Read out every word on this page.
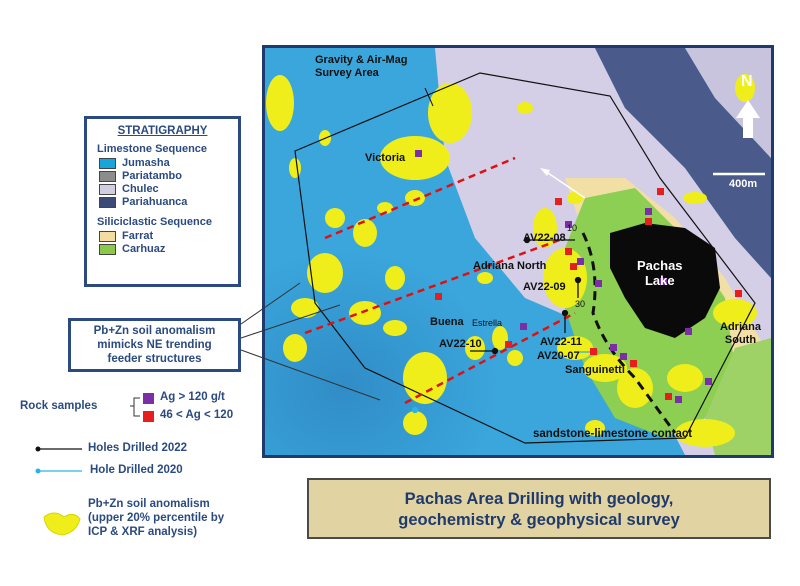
Gravity & Air-Mag
Survey Area
Victoria
AV22-08
Adriana North
AV22-09
Pachas
Lake
Buena Estrella
AV22-10	AV22-11
AV20-07
Sanguinetti
Adriana
South
sandstone-limestone contact
10
30
N
400m
STRATIGRAPHY
Limestone Sequence
Jumasha
Pariatambo
Chulec
Pariahuanca
Siliciclastic Sequence
Farrat
Carhuaz
Pb+Zn soil anomalism
mimicks NE trending
feeder structures
Rock samples
Ag > 120 g/t
46 < Ag < 120
Holes Drilled 2022
Hole Drilled 2020
Pb+Zn soil anomalism
(upper 20% percentile by
ICP & XRF analysis)
Pachas Area Drilling with geology,
geochemistry & geophysical survey
